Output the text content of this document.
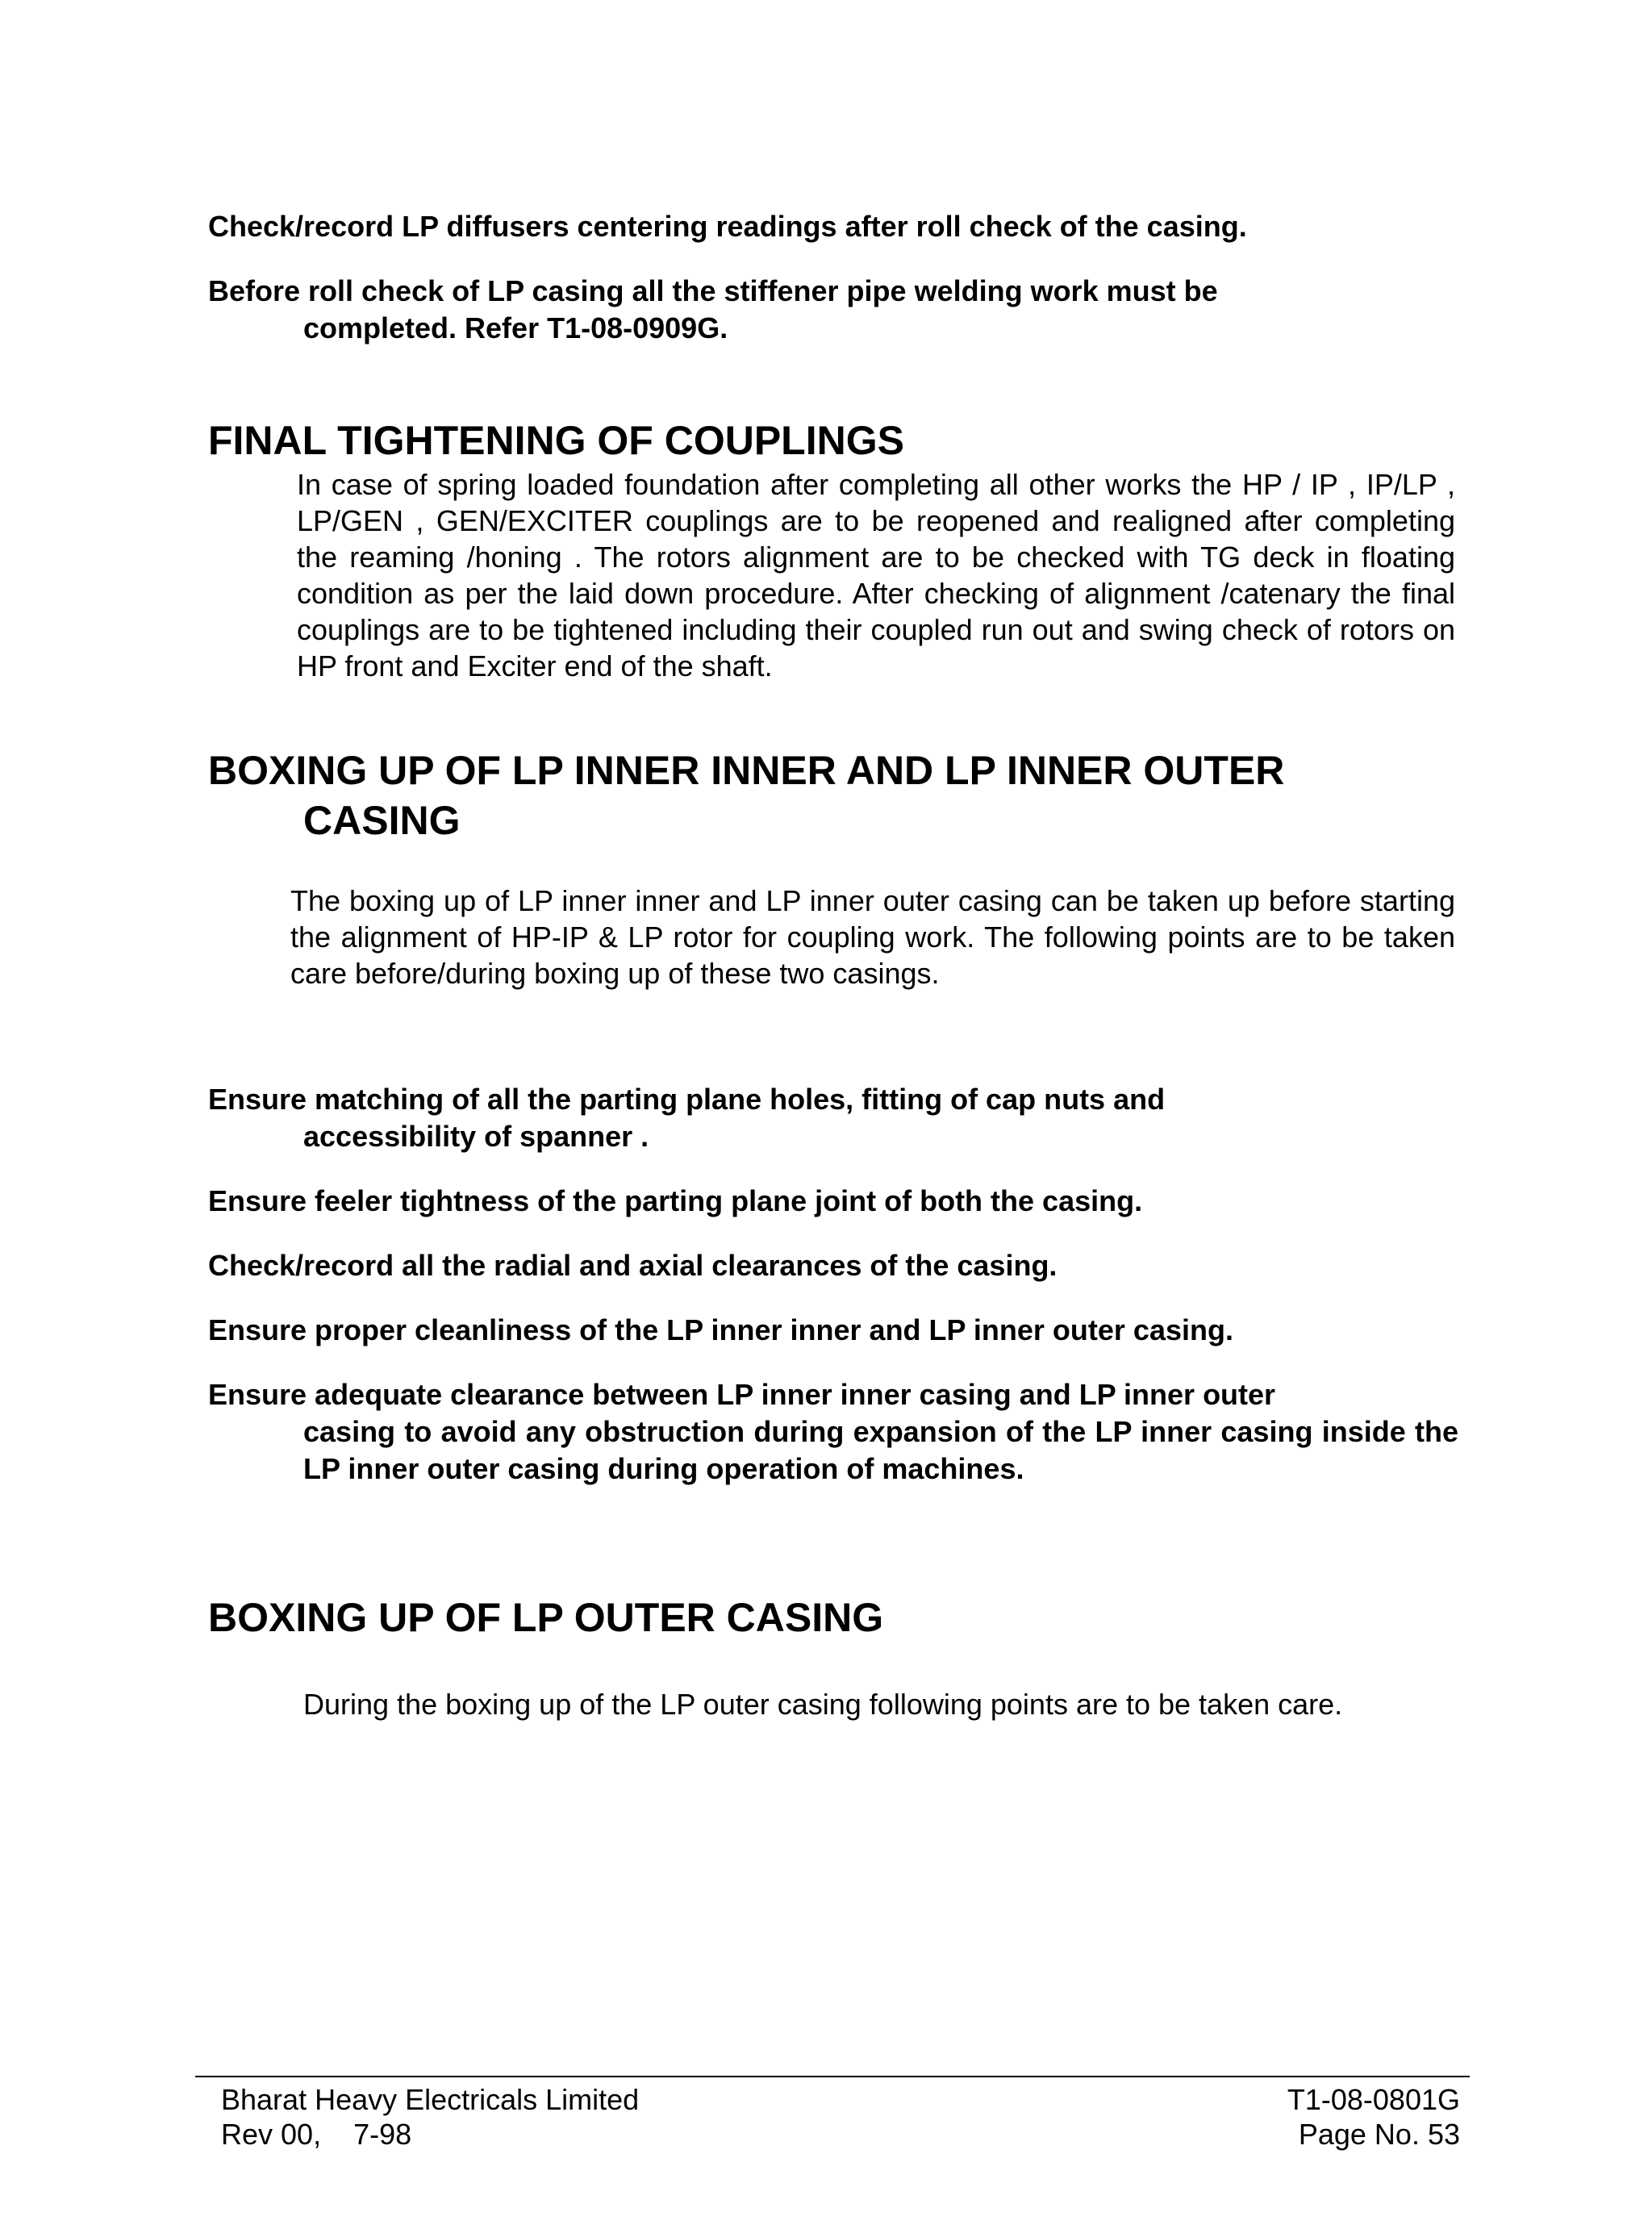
Check/record LP diffusers centering readings after roll check of the casing.
Before roll check of LP casing all the stiffener pipe welding work must be
completed. Refer T1-08-0909G.
FINAL TIGHTENING OF COUPLINGS
In case of spring loaded foundation after completing all other works the HP / IP , IP/LP , LP/GEN , GEN/EXCITER couplings are to be reopened and realigned after completing the reaming /honing . The rotors alignment are to be checked with TG deck in floating condition as per the laid down procedure. After checking of alignment /catenary the final couplings are to be tightened including their coupled run out and swing check of rotors on HP front and Exciter end of the shaft.
BOXING UP OF LP INNER INNER AND LP INNER OUTER
CASING
The boxing up of LP inner inner and LP inner outer casing can be taken up before starting the alignment of HP-IP & LP rotor for coupling work. The following points are to be taken care before/during boxing up of these two casings.
Ensure matching of all the parting plane holes, fitting of cap nuts and
accessibility of spanner .
Ensure feeler tightness of the parting plane joint of both the casing.
Check/record all the radial and axial clearances of the casing.
Ensure proper cleanliness of the LP inner inner and LP inner outer casing.
Ensure adequate clearance between LP inner inner casing and LP inner outer
casing to avoid any obstruction during expansion of the LP inner casing inside the LP inner outer casing during operation of machines.
BOXING UP OF LP OUTER CASING
During the boxing up of the LP outer casing following points are to be taken care.
Bharat Heavy Electricals Limited
Rev 00,    7-98
T1-08-0801G
Page No. 53
